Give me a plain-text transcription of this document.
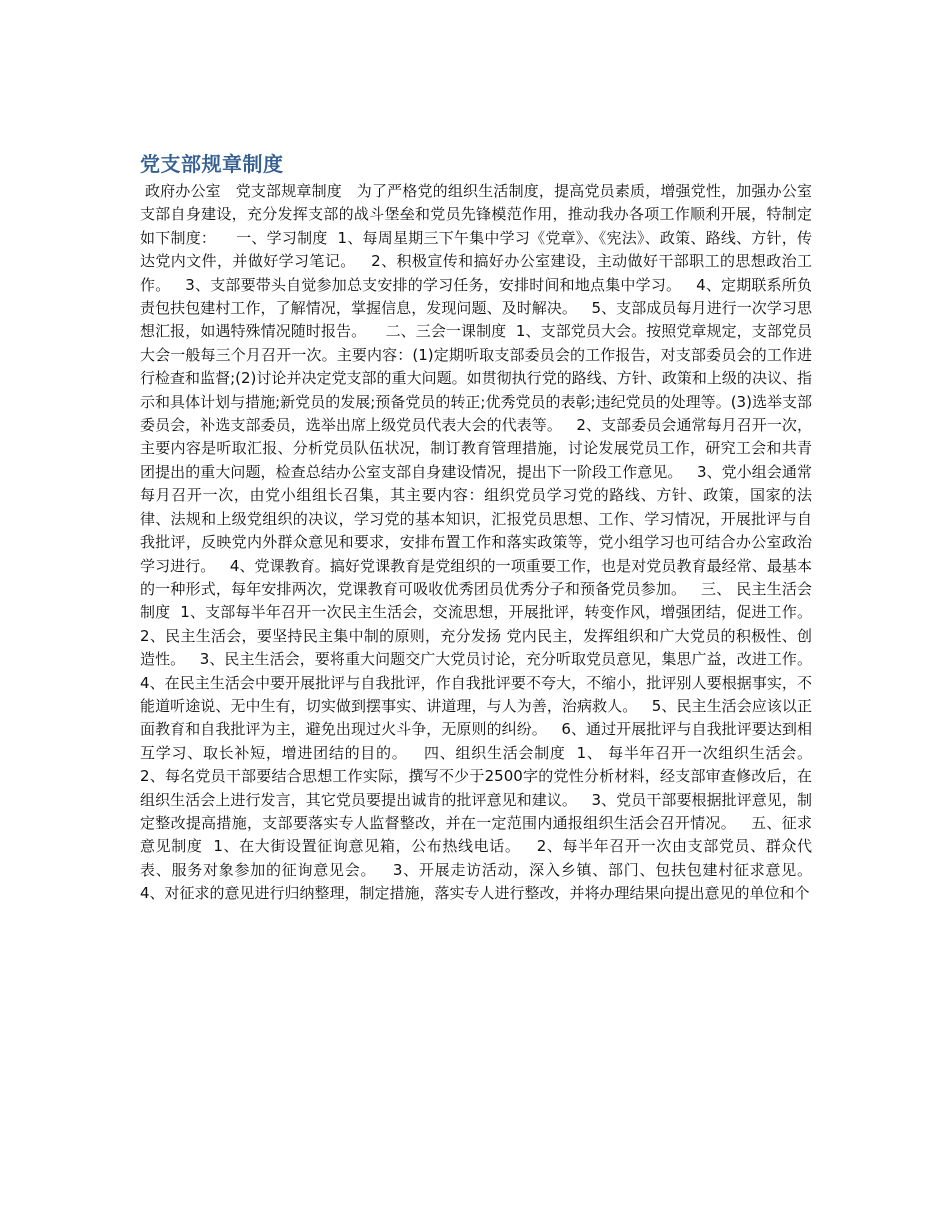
党支部规章制度

政府办公室   党支部规章制度   为了严格党的组织生活制度，提高党员素质，增强党性，加强办公室支部自身建设，充分发挥支部的战斗堡垒和党员先锋模范作用，推动我办各项工作顺利开展，特制定如下制度：    一、学习制度  1、每周星期三下午集中学习《党章》、《宪法》、政策、路线、方针，传达党内文件，并做好学习笔记。   2、积极宣传和搞好办公室建设，主动做好干部职工的思想政治工作。   3、支部要带头自觉参加总支安排的学习任务，安排时间和地点集中学习。   4、定期联系所负责包扶包建村工作，了解情况，掌握信息，发现问题、及时解决。   5、支部成员每月进行一次学习思想汇报，如遇特殊情况随时报告。    二、三会一课制度  1、支部党员大会。按照党章规定，支部党员大会一般每三个月召开一次。主要内容：(1)定期听取支部委员会的工作报告，对支部委员会的工作进行检查和监督;(2)讨论并决定党支部的重大问题。如贯彻执行党的路线、方针、政策和上级的决议、指示和具体计划与措施;新党员的发展;预备党员的转正;优秀党员的表彰;违纪党员的处理等。(3)选举支部委员会，补选支部委员，选举出席上级党员代表大会的代表等。   2、支部委员会通常每月召开一次，主要内容是听取汇报、分析党员队伍状况，制订教育管理措施，讨论发展党员工作，研究工会和共青团提出的重大问题，检查总结办公室支部自身建设情况，提出下一阶段工作意见。   3、党小组会通常每月召开一次，由党小组组长召集，其主要内容：组织党员学习党的路线、方针、政策，国家的法律、法规和上级党组织的决议，学习党的基本知识，汇报党员思想、工作、学习情况，开展批评与自我批评，反映党内外群众意见和要求，安排布置工作和落实政策等，党小组学习也可结合办公室政治学习进行。   4、党课教育。搞好党课教育是党组织的一项重要工作，也是对党员教育最经常、最基本的一种形式，每年安排两次，党课教育可吸收优秀团员优秀分子和预备党员参加。   三、 民主生活会制度  1、支部每半年召开一次民主生活会，交流思想，开展批评，转变作风，增强团结，促进工作。   2、民主生活会，要坚持民主集中制的原则，充分发扬 党内民主，发挥组织和广大党员的积极性、创造性。   3、民主生活会，要将重大问题交广大党员讨论，充分听取党员意见，集思广益，改进工作。   4、在民主生活会中要开展批评与自我批评，作自我批评要不夸大，不缩小，批评别人要根据事实，不能道听途说、无中生有，切实做到摆事实、讲道理，与人为善，治病救人。   5、民主生活会应该以正面教育和自我批评为主，避免出现过火斗争，无原则的纠纷。   6、通过开展批评与自我批评要达到相互学习、取长补短，增进团结的目的。   四、组织生活会制度  1、 每半年召开一次组织生活会。   2、每名党员干部要结合思想工作实际，撰写不少于2500字的党性分析材料，经支部审查修改后，在组织生活会上进行发言，其它党员要提出诚肯的批评意见和建议。   3、党员干部要根据批评意见，制定整改提高措施，支部要落实专人监督整改，并在一定范围内通报组织生活会召开情况。   五、征求意见制度  1、在大街设置征询意见箱，公布热线电话。   2、每半年召开一次由支部党员、群众代表、服务对象参加的征询意见会。   3、开展走访活动，深入乡镇、部门、包扶包建村征求意见。   4、对征求的意见进行归纳整理，制定措施，落实专人进行整改，并将办理结果向提出意见的单位和个
